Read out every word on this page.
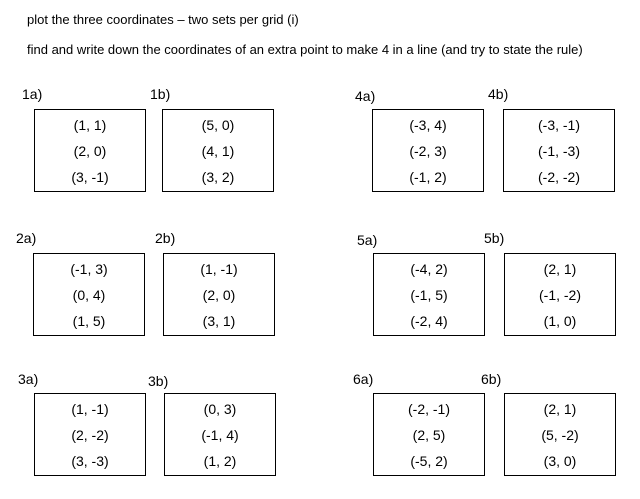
plot the three coordinates – two sets per grid (i)
find and write down the coordinates of an extra point to make 4 in a line (and try to state the rule)
1a)
(1, 1)
(2, 0)
(3, -1)
1b)
(5, 0)
(4, 1)
(3, 2)
4a)
(-3, 4)
(-2, 3)
(-1, 2)
4b)
(-3, -1)
(-1, -3)
(-2, -2)
2a)
(-1, 3)
(0, 4)
(1, 5)
2b)
(1, -1)
(2, 0)
(3, 1)
5a)
(-4, 2)
(-1, 5)
(-2, 4)
5b)
(2, 1)
(-1, -2)
(1, 0)
3a)
(1, -1)
(2, -2)
(3, -3)
3b)
(0, 3)
(-1, 4)
(1, 2)
6a)
(-2, -1)
(2, 5)
(-5, 2)
6b)
(2, 1)
(5, -2)
(3, 0)
